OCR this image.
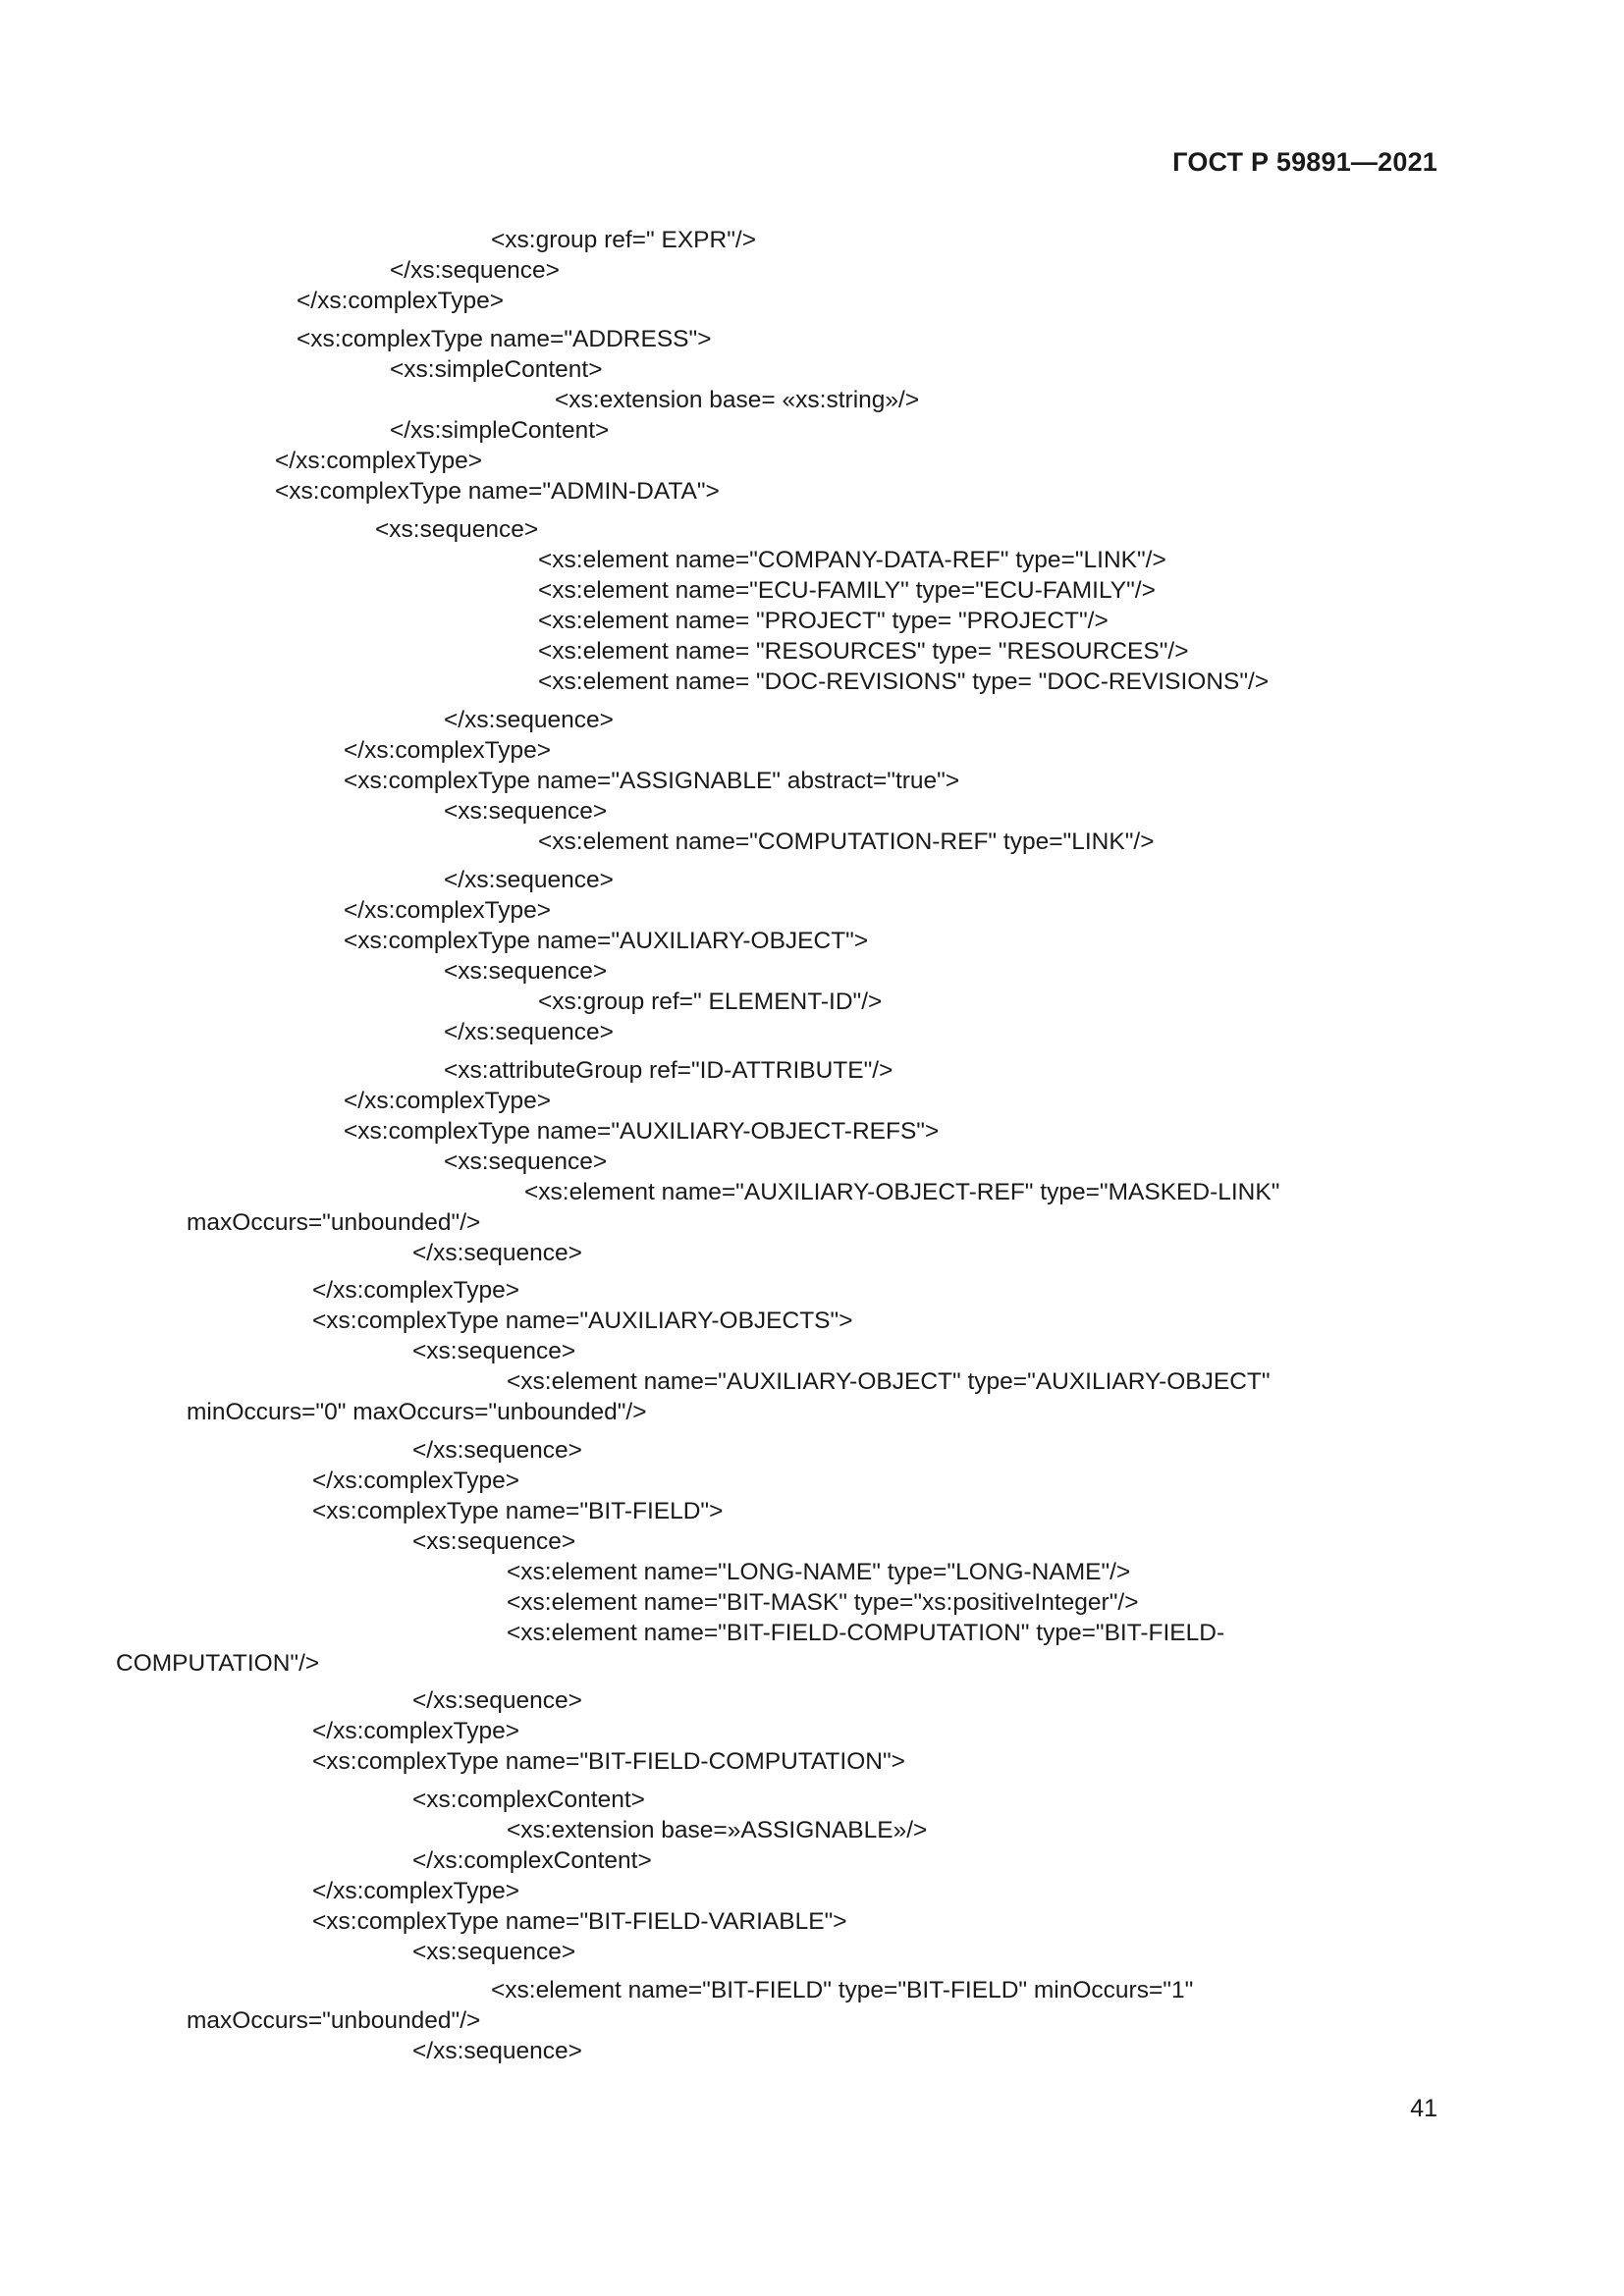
ГОСТ Р 59891—2021
<xs:group ref=" EXPR"/>
</xs:sequence>
</xs:complexType>
<xs:complexType name="ADDRESS">
<xs:simpleContent>
<xs:extension base= «xs:string»/>
</xs:simpleContent>
</xs:complexType>
<xs:complexType name="ADMIN-DATA">
<xs:sequence>
<xs:element name="COMPANY-DATA-REF" type="LINK"/>
<xs:element name="ECU-FAMILY" type="ECU-FAMILY"/>
<xs:element name= "PROJECT" type= "PROJECT"/>
<xs:element name= "RESOURCES" type= "RESOURCES"/>
<xs:element name= "DOC-REVISIONS" type= "DOC-REVISIONS"/>
</xs:sequence>
</xs:complexType>
<xs:complexType name="ASSIGNABLE" abstract="true">
<xs:sequence>
<xs:element name="COMPUTATION-REF" type="LINK"/>
</xs:sequence>
</xs:complexType>
<xs:complexType name="AUXILIARY-OBJECT">
<xs:sequence>
<xs:group ref=" ELEMENT-ID"/>
</xs:sequence>
<xs:attributeGroup ref="ID-ATTRIBUTE"/>
</xs:complexType>
<xs:complexType name="AUXILIARY-OBJECT-REFS">
<xs:sequence>
<xs:element name="AUXILIARY-OBJECT-REF" type="MASKED-LINK"
maxOccurs="unbounded"/>
</xs:sequence>
</xs:complexType>
<xs:complexType name="AUXILIARY-OBJECTS">
<xs:sequence>
<xs:element name="AUXILIARY-OBJECT" type="AUXILIARY-OBJECT"
minOccurs="0" maxOccurs="unbounded"/>
</xs:sequence>
</xs:complexType>
<xs:complexType name="BIT-FIELD">
<xs:sequence>
<xs:element name="LONG-NAME" type="LONG-NAME"/>
<xs:element name="BIT-MASK" type="xs:positiveInteger"/>
<xs:element name="BIT-FIELD-COMPUTATION" type="BIT-FIELD-
COMPUTATION"/>
</xs:sequence>
</xs:complexType>
<xs:complexType name="BIT-FIELD-COMPUTATION">
<xs:complexContent>
<xs:extension base=»ASSIGNABLE»/>
</xs:complexContent>
</xs:complexType>
<xs:complexType name="BIT-FIELD-VARIABLE">
<xs:sequence>
<xs:element name="BIT-FIELD" type="BIT-FIELD" minOccurs="1"
maxOccurs="unbounded"/>
</xs:sequence>
41
